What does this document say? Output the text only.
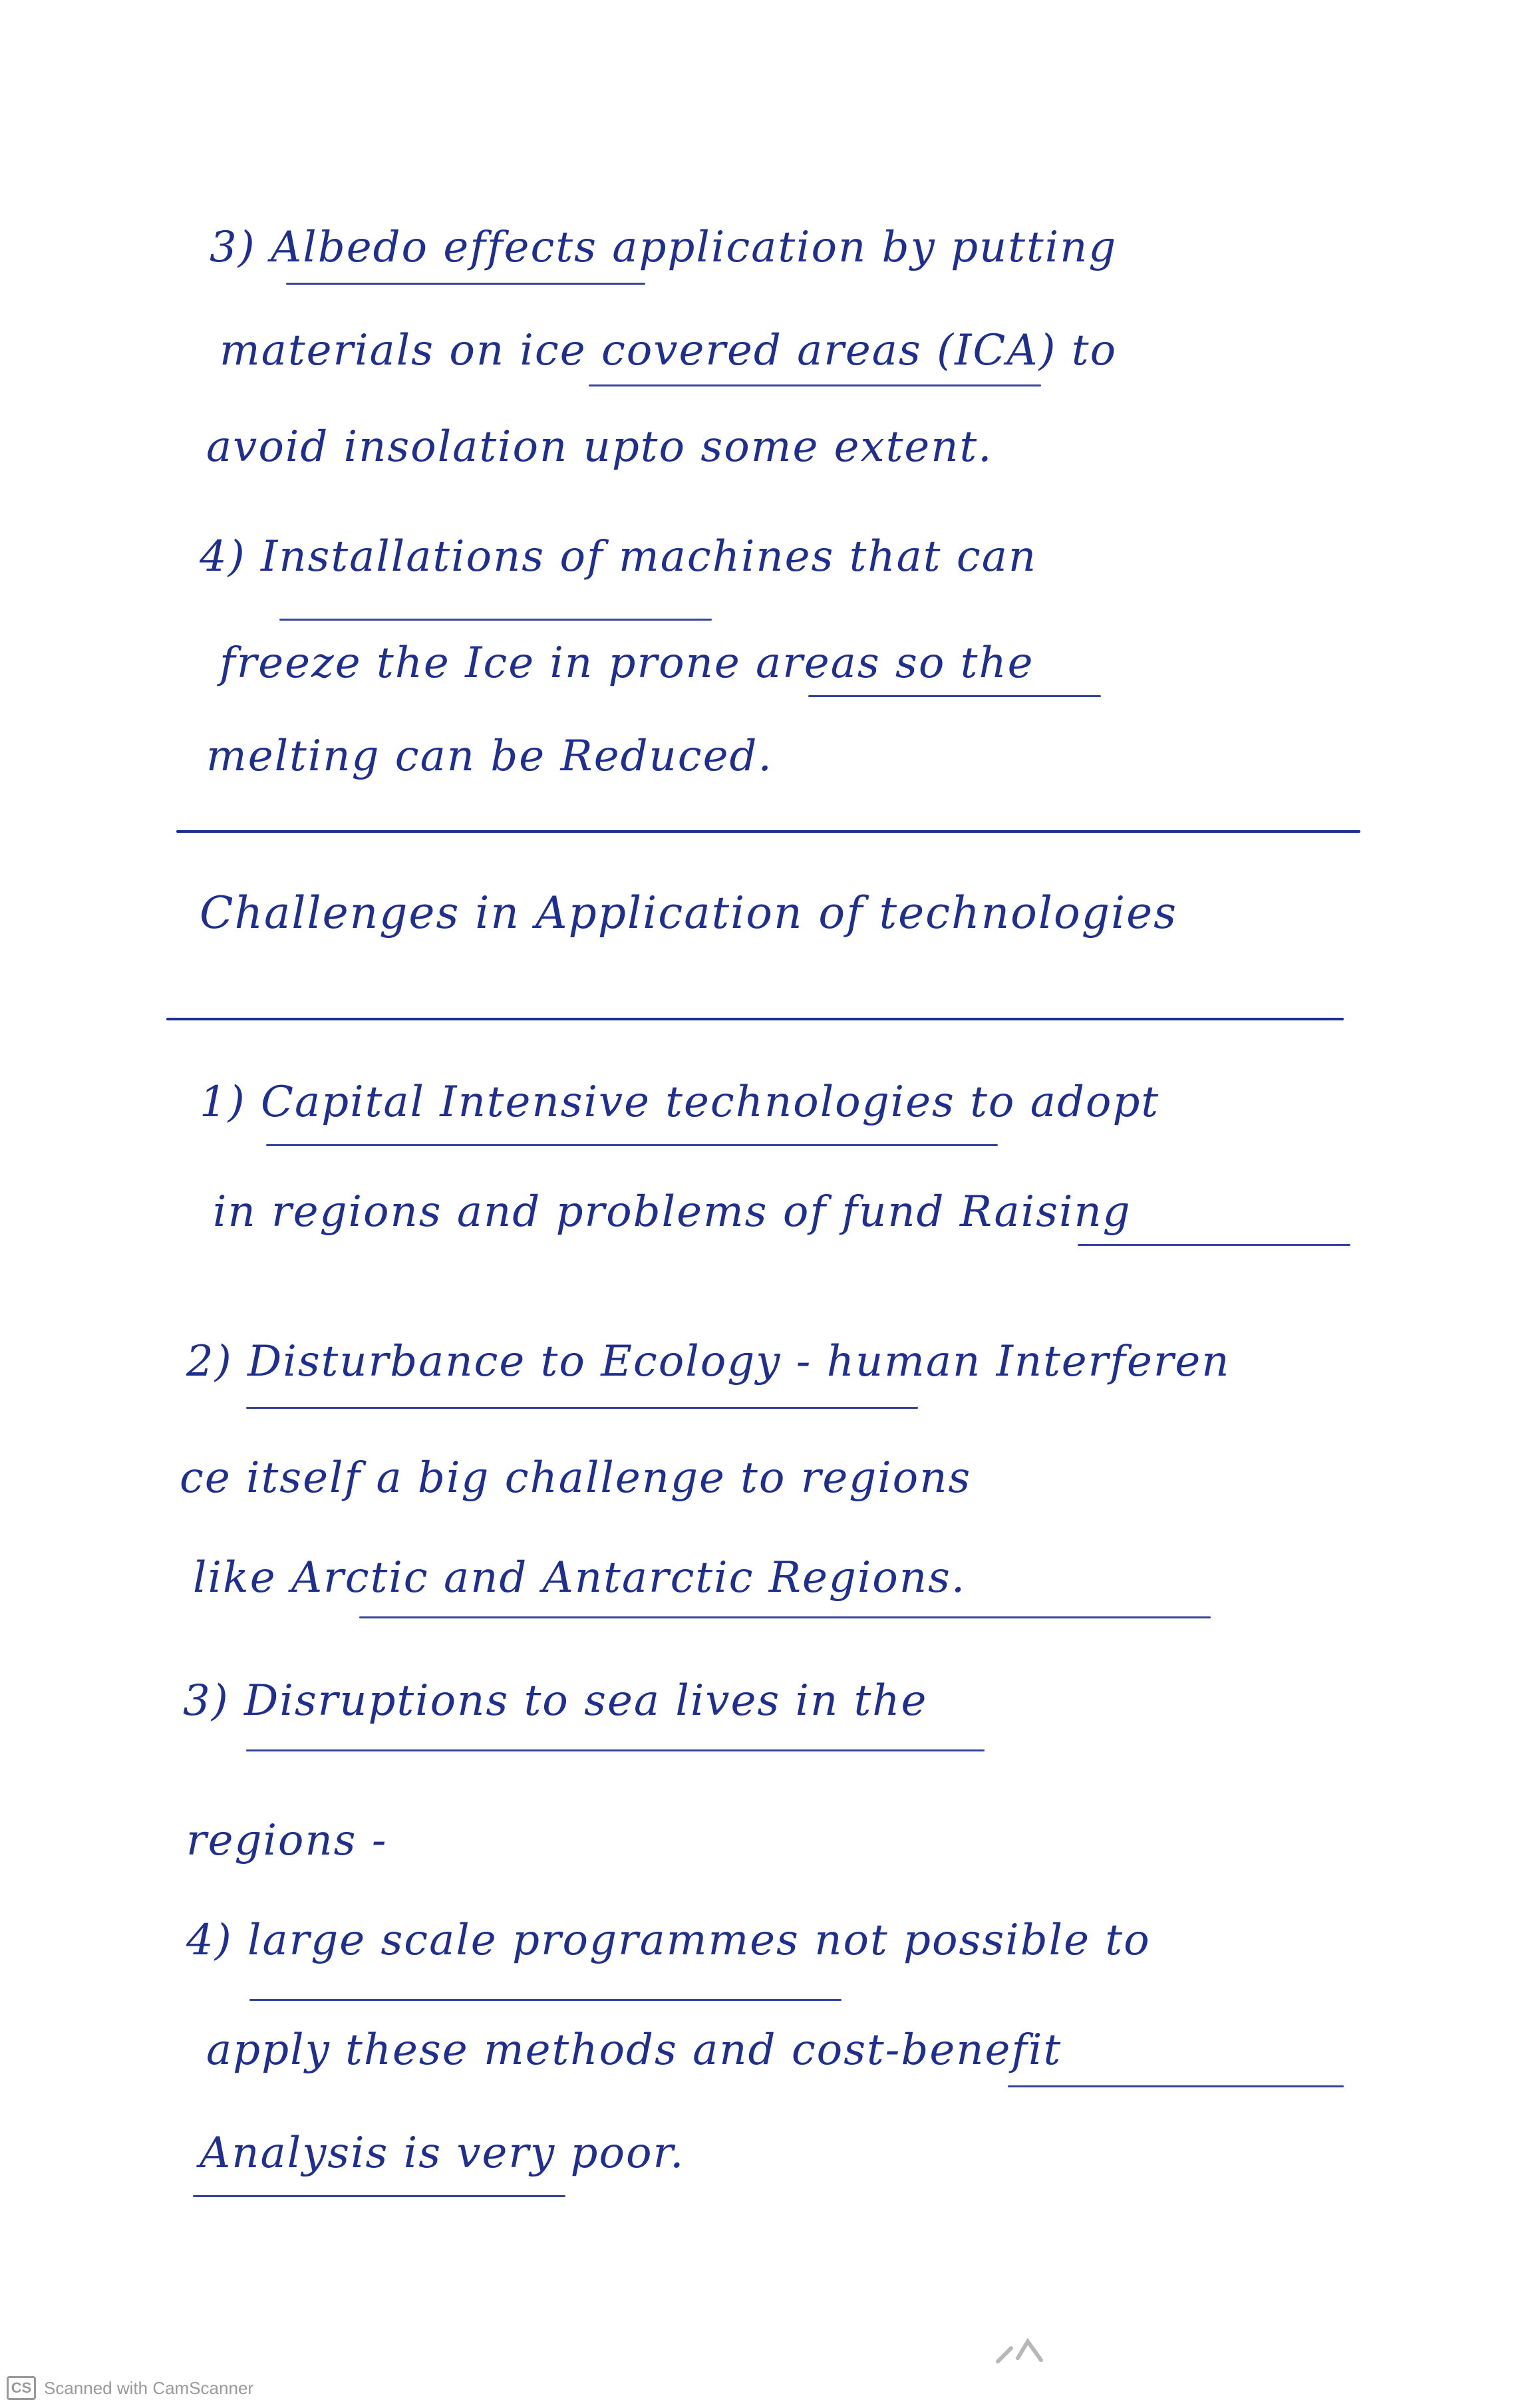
3) Albedo effects application by putting
materials on ice covered areas (ICA) to
avoid insolation upto some extent.
4) Installations of machines that can
freeze the Ice in prone areas so the
melting can be Reduced.
Challenges in Application of technologies
1) Capital Intensive technologies to adopt
in regions and problems of fund Raising
2) Disturbance to Ecology - human Interferen
ce itself a big challenge to regions
like Arctic and Antarctic Regions.
3) Disruptions to sea lives in the
regions -
4) large scale programmes not possible to
apply these methods and cost-benefit
Analysis is very poor.
CS Scanned with CamScanner
